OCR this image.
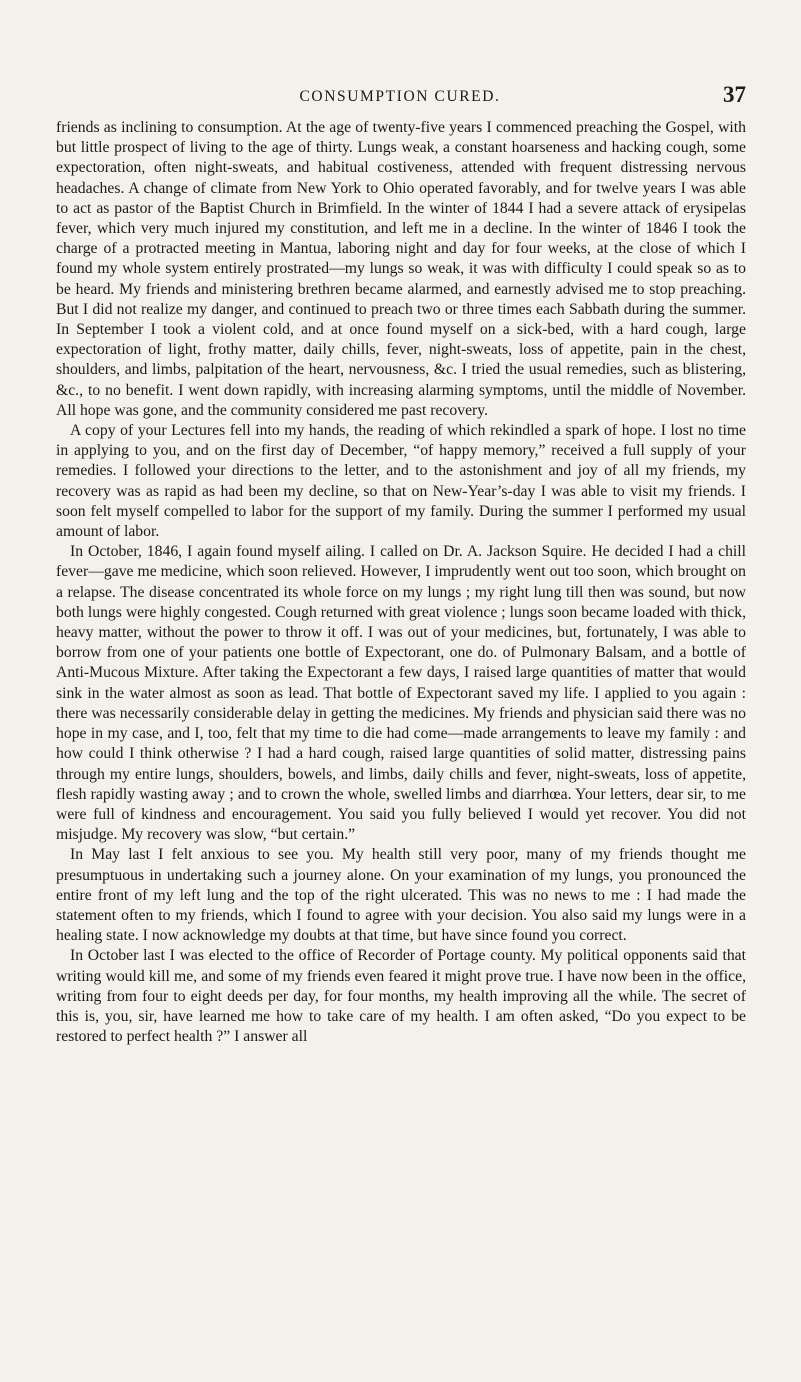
CONSUMPTION CURED.	37

friends as inclining to consumption. At the age of twenty-five years I commenced preaching the Gospel, with but little prospect of living to the age of thirty. Lungs weak, a constant hoarseness and hacking cough, some expectoration, often night-sweats, and habitual costiveness, attended with frequent distressing nervous headaches. A change of climate from New York to Ohio operated favorably, and for twelve years I was able to act as pastor of the Baptist Church in Brimfield. In the winter of 1844 I had a severe attack of erysipelas fever, which very much injured my constitution, and left me in a decline. In the winter of 1846 I took the charge of a protracted meeting in Mantua, laboring night and day for four weeks, at the close of which I found my whole system entirely prostrated—my lungs so weak, it was with difficulty I could speak so as to be heard. My friends and ministering brethren became alarmed, and earnestly advised me to stop preaching. But I did not realize my danger, and continued to preach two or three times each Sabbath during the summer. In September I took a violent cold, and at once found myself on a sick-bed, with a hard cough, large expectoration of light, frothy matter, daily chills, fever, night-sweats, loss of appetite, pain in the chest, shoulders, and limbs, palpitation of the heart, nervousness, &c. I tried the usual remedies, such as blistering, &c., to no benefit. I went down rapidly, with increasing alarming symptoms, until the middle of November. All hope was gone, and the community considered me past recovery.

A copy of your Lectures fell into my hands, the reading of which rekindled a spark of hope. I lost no time in applying to you, and on the first day of December, “of happy memory,” received a full supply of your remedies. I followed your directions to the letter, and to the astonishment and joy of all my friends, my recovery was as rapid as had been my decline, so that on New-Year’s-day I was able to visit my friends. I soon felt myself compelled to labor for the support of my family. During the summer I performed my usual amount of labor.

In October, 1846, I again found myself ailing. I called on Dr. A. Jackson Squire. He decided I had a chill fever—gave me medicine, which soon relieved. However, I imprudently went out too soon, which brought on a relapse. The disease concentrated its whole force on my lungs ; my right lung till then was sound, but now both lungs were highly congested. Cough returned with great violence ; lungs soon became loaded with thick, heavy matter, without the power to throw it off. I was out of your medicines, but, fortunately, I was able to borrow from one of your patients one bottle of Expectorant, one do. of Pulmonary Balsam, and a bottle of Anti-Mucous Mixture. After taking the Expectorant a few days, I raised large quantities of matter that would sink in the water almost as soon as lead. That bottle of Expectorant saved my life. I applied to you again : there was necessarily considerable delay in getting the medicines. My friends and physician said there was no hope in my case, and I, too, felt that my time to die had come—made arrangements to leave my family : and how could I think otherwise ? I had a hard cough, raised large quantities of solid matter, distressing pains through my entire lungs, shoulders, bowels, and limbs, daily chills and fever, night-sweats, loss of appetite, flesh rapidly wasting away ; and to crown the whole, swelled limbs and diarrhœa. Your letters, dear sir, to me were full of kindness and encouragement. You said you fully believed I would yet recover. You did not misjudge. My recovery was slow, “but certain.”

In May last I felt anxious to see you. My health still very poor, many of my friends thought me presumptuous in undertaking such a journey alone. On your examination of my lungs, you pronounced the entire front of my left lung and the top of the right ulcerated. This was no news to me : I had made the statement often to my friends, which I found to agree with your decision. You also said my lungs were in a healing state. I now acknowledge my doubts at that time, but have since found you correct.

In October last I was elected to the office of Recorder of Portage county. My political opponents said that writing would kill me, and some of my friends even feared it might prove true. I have now been in the office, writing from four to eight deeds per day, for four months, my health improving all the while. The secret of this is, you, sir, have learned me how to take care of my health. I am often asked, “Do you expect to be restored to perfect health ?” I answer all
